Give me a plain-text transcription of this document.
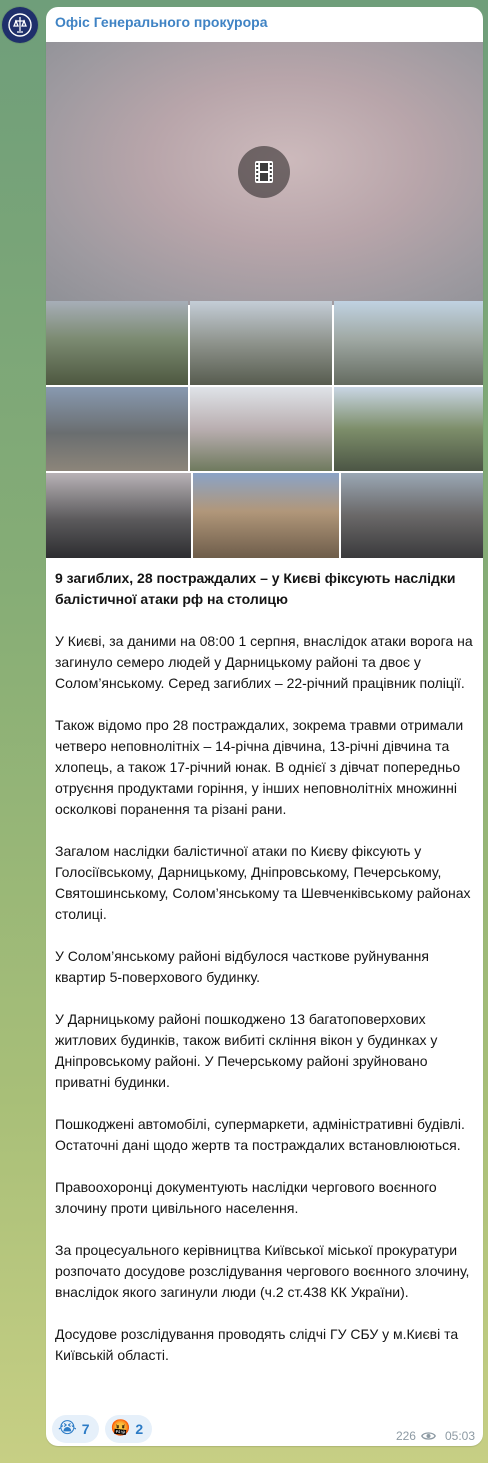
Офіс Генерального прокурора

9 загиблих, 28 постраждалих – у Києві фіксують наслідки балістичної атаки рф на столицю

У Києві, за даними на 08:00 1 серпня, внаслідок атаки ворога на загинуло семеро людей у Дарницькому районі та двоє у Солом’янському. Серед загиблих – 22-річний працівник поліції.

Також відомо про 28 постраждалих, зокрема травми отримали четверо неповнолітніх – 14-річна дівчина, 13-річні дівчина та хлопець, а також 17-річний юнак. В однієї з дівчат попередньо отруєння продуктами горіння, у інших неповнолітніх множинні осколкові поранення та різані рани.

Загалом наслідки балістичної атаки по Києву фіксують у Голосіївському, Дарницькому, Дніпровському, Печерському, Святошинському, Солом’янському та Шевченківському районах столиці.

У Солом’янському районі відбулося часткове руйнування квартир 5-поверхового будинку.

У Дарницькому районі пошкоджено 13 багатоповерхових житлових будинків, також вибиті скління вікон у будинках у Дніпровському районі. У Печерському районі зруйновано приватні будинки.

Пошкоджені автомобілі, супермаркети, адміністративні будівлі.
Остаточні дані щодо жертв та постраждалих встановлюються.

Правоохоронці документують наслідки чергового воєнного злочину проти цивільного населення.

За процесуального керівництва Київської міської прокуратури розпочато досудове розслідування чергового воєнного злочину, внаслідок якого загинули люди (ч.2 ст.438 КК України).

Досудове розслідування проводять слідчі ГУ СБУ у м.Києві та Київській області.

😭 7 🤬 2	226 05:03
